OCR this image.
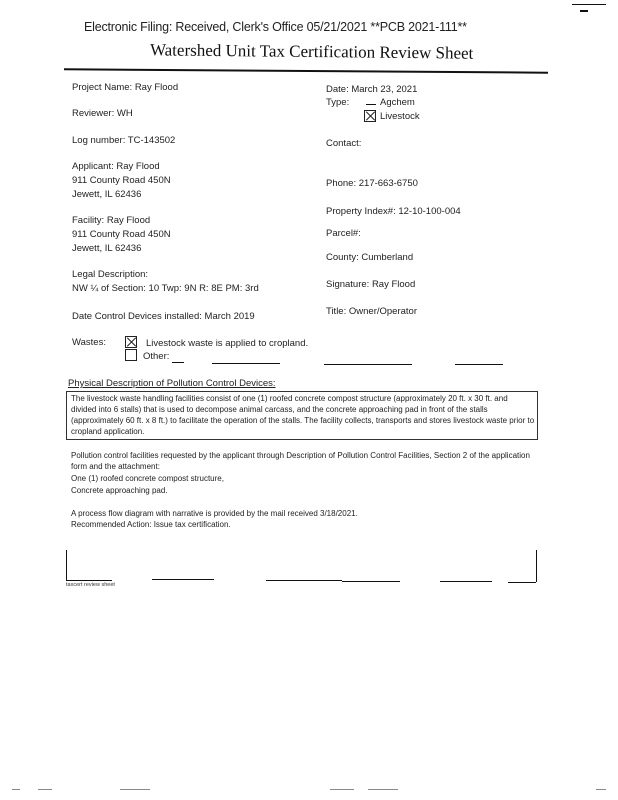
Electronic Filing: Received, Clerk's Office 05/21/2021 **PCB 2021-111**
Watershed Unit Tax Certification Review Sheet
Project Name: Ray Flood
Reviewer: WH
Log number: TC-143502
Applicant: Ray Flood
911 County Road 450N
Jewett, IL 62436
Facility: Ray Flood
911 County Road 450N
Jewett, IL 62436
Legal Description:
NW ¼ of Section: 10 Twp: 9N R: 8E PM: 3rd
Date Control Devices installed: March 2019
Date: March 23, 2021
Type:	Agchem
Livestock
Contact:
Phone: 217-663-6750
Property Index#: 12-10-100-004
Parcel#:
County: Cumberland
Signature: Ray Flood
Title: Owner/Operator
Wastes:	Livestock waste is applied to cropland.
Other:
Physical Description of Pollution Control Devices:
The livestock waste handling facilities consist of one (1) roofed concrete compost structure (approximately 20 ft. x 30 ft. and divided into 6 stalls) that is used to decompose animal carcass, and the concrete approaching pad in front of the stalls (approximately 60 ft. x 8 ft.) to facilitate the operation of the stalls. The facility collects, transports and stores livestock waste prior to cropland application.
Pollution control facilities requested by the applicant through Description of Pollution Control Facilities, Section 2 of the application form and the attachment:
One (1) roofed concrete compost structure,
Concrete approaching pad.
A process flow diagram with narrative is provided by the mail received 3/18/2021.
Recommended Action: Issue tax certification.
taxcert review sheet
